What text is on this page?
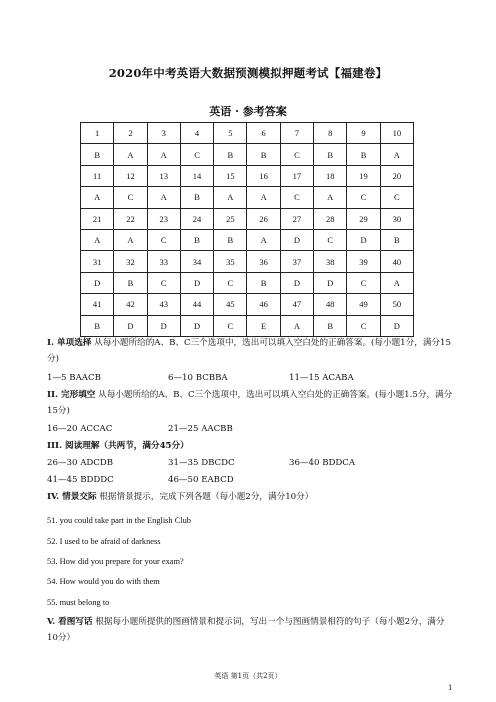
2020年中考英语大数据预测模拟押题考试【福建卷】
英语 · 参考答案
1	2	3	4	5	6	7	8	9	10
B	A	A	C	B	B	C	B	B	A
11	12	13	14	15	16	17	18	19	20
A	C	A	B	A	A	C	A	C	C
21	22	23	24	25	26	27	28	29	30
A	A	C	B	B	A	D	C	D	B
31	32	33	34	35	36	37	38	39	40
D	B	C	D	C	B	D	D	C	A
41	42	43	44	45	46	47	48	49	50
B	D	D	D	C	E	A	B	C	D
I. 单项选择 从每小题所给的A、B、C三个选项中，选出可以填入空白处的正确答案。(每小题1分，满分15分)
1—5 BAACB	6—10 BCBBA	11—15 ACABA
II. 完形填空 从每小题所给的A、B、C三个选项中，选出可以填入空白处的正确答案。(每小题1.5分，满分15分)
16—20 ACCAC	21—25 AACBB
III. 阅读理解（共两节，满分45分）
26—30 ADCDB	31—35 DBCDC	36—40 BDDCA
41—45 BDDDC	46—50 EABCD
IV. 情景交际 根据情景提示，完成下列各题（每小题2分，满分10分）
51. you could take part in the English Club
52. I used to be afraid of darkness
53. How did you prepare for your exam?
54. How would you do with them
55. must belong to
V. 看图写话 根据每小题所提供的图画情景和提示词，写出一个与图画情景相符的句子（每小题2分，满分10分）
英语 第1页（共2页）
1
